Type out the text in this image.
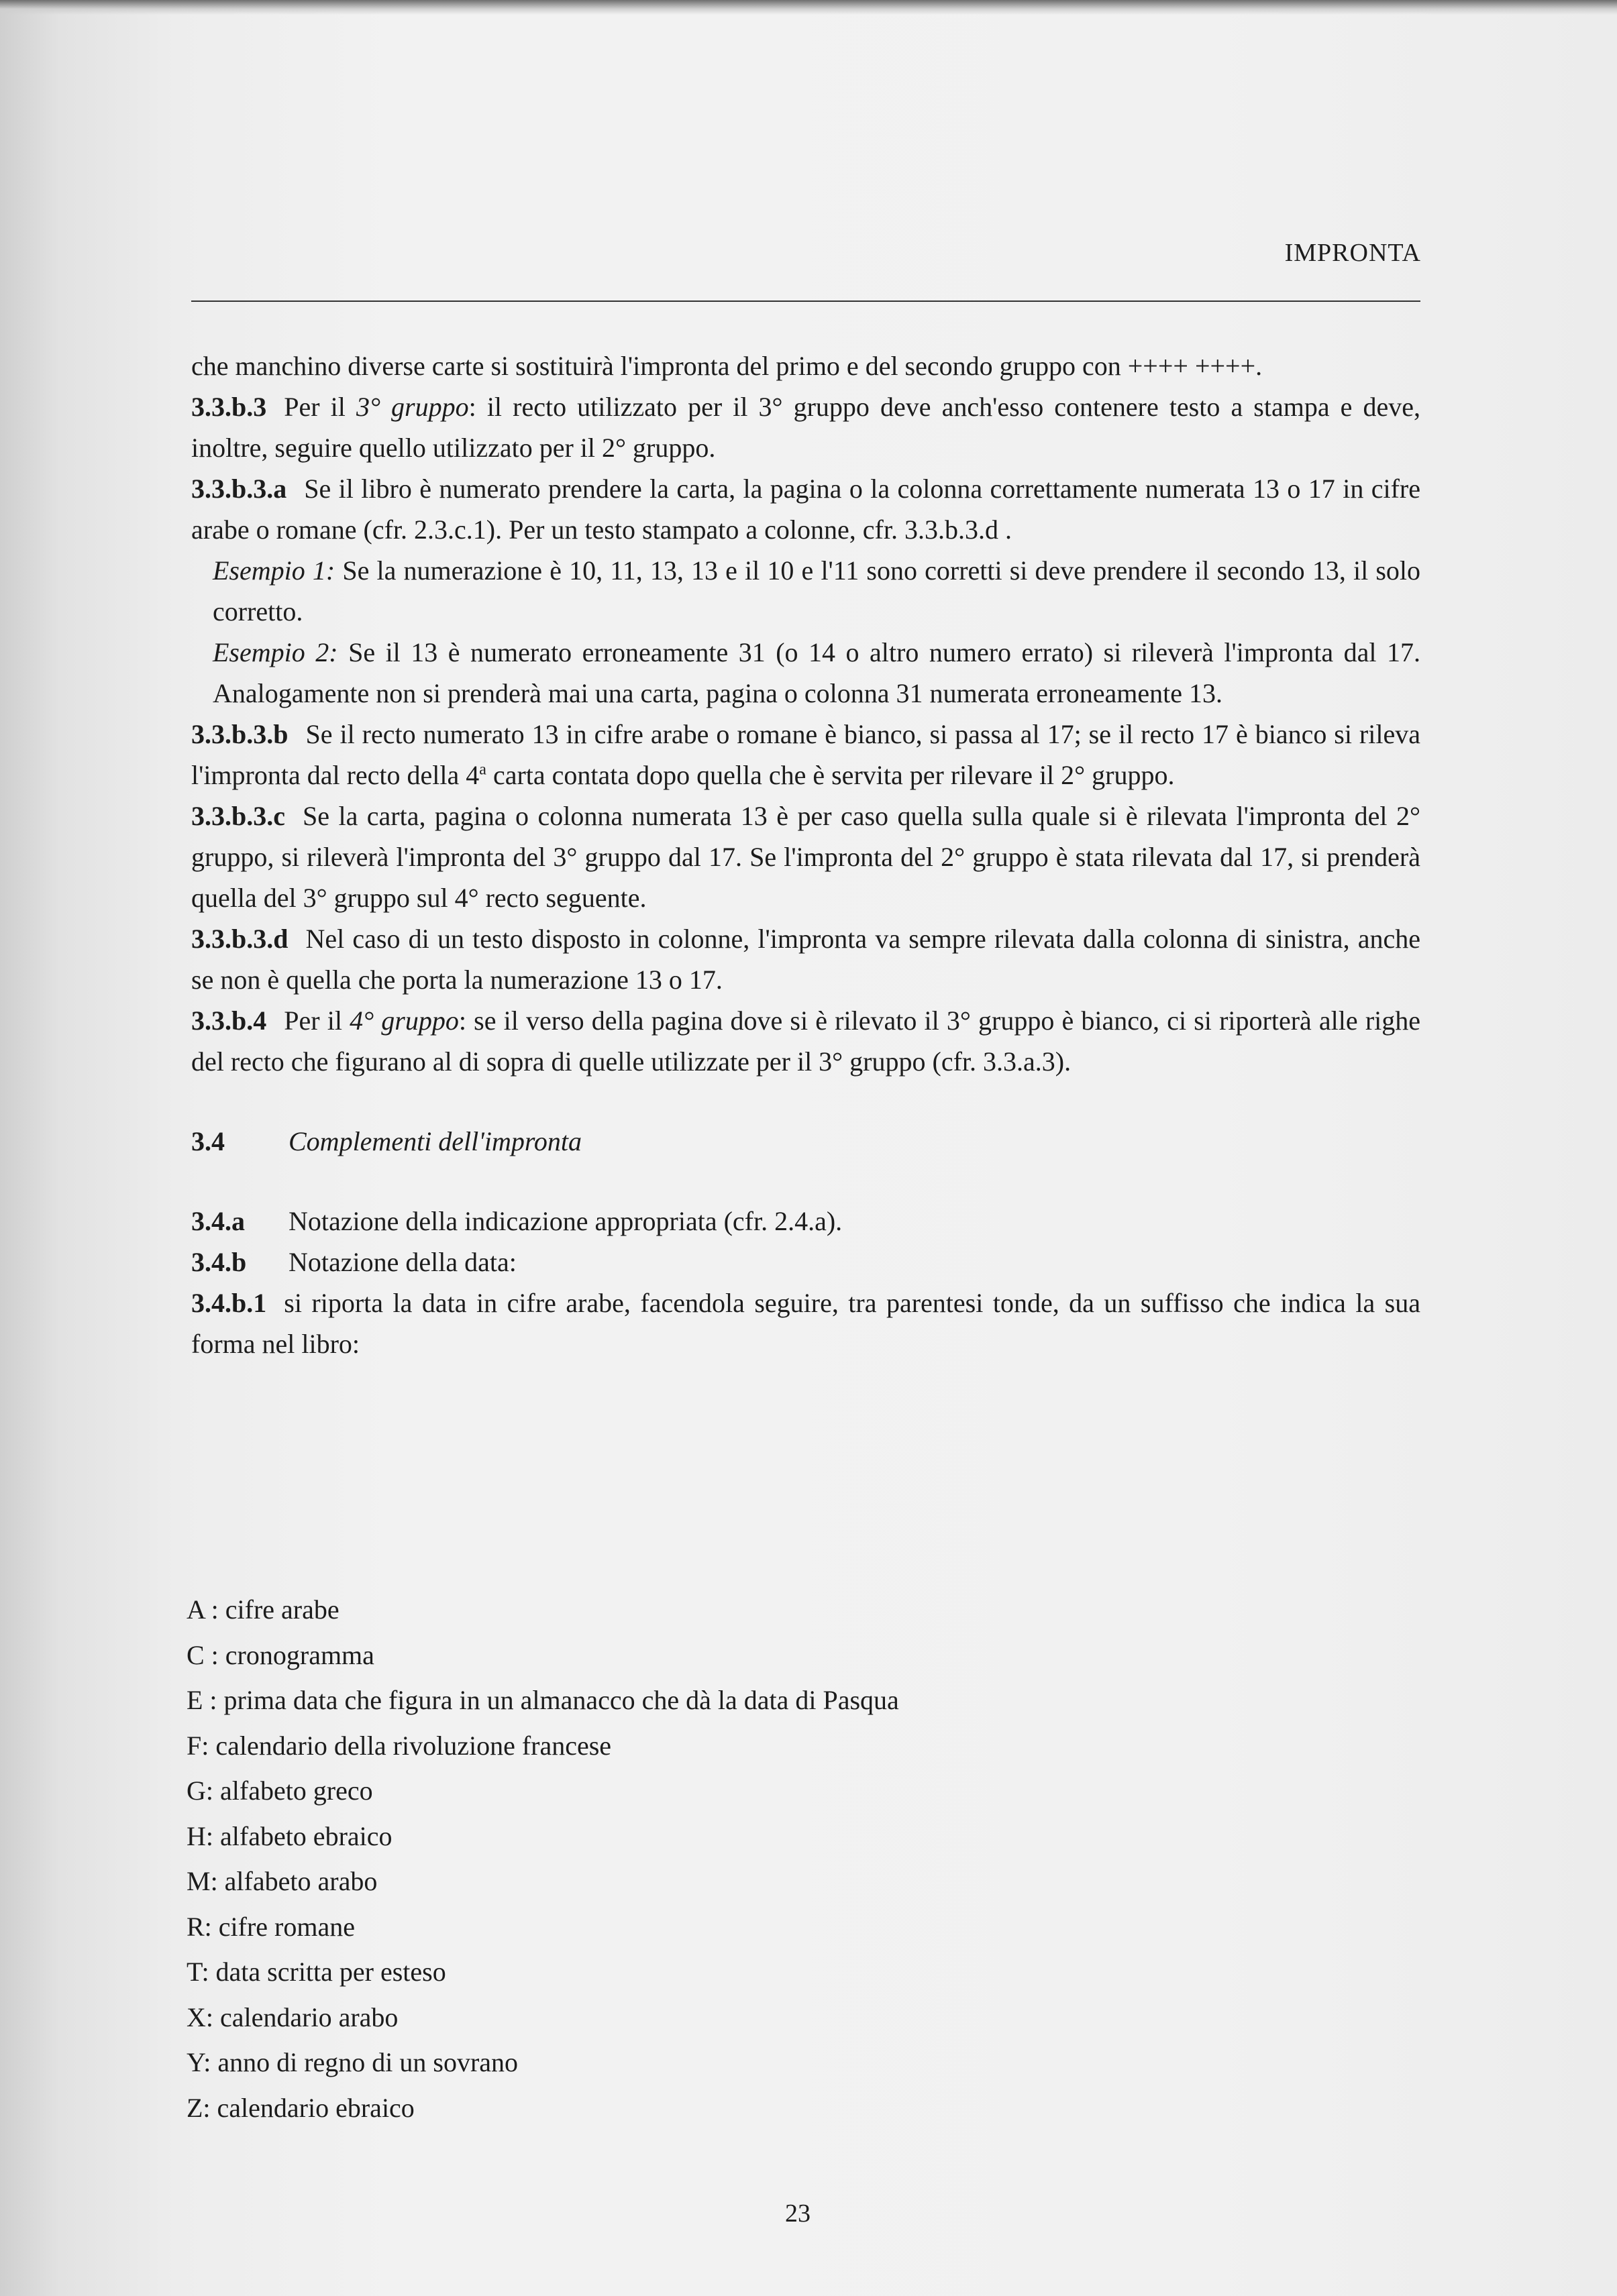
IMPRONTA

che manchino diverse carte si sostituirà l'impronta del primo e del secondo gruppo con ++++ ++++.

3.3.b.3 Per il 3° gruppo: il recto utilizzato per il 3° gruppo deve anch'esso contenere testo a stampa e deve, inoltre, seguire quello utilizzato per il 2° gruppo.

3.3.b.3.a Se il libro è numerato prendere la carta, la pagina o la colonna correttamente numerata 13 o 17 in cifre arabe o romane (cfr. 2.3.c.1). Per un testo stampato a colonne, cfr. 3.3.b.3.d .

Esempio 1: Se la numerazione è 10, 11, 13, 13 e il 10 e l'11 sono corretti si deve prendere il secondo 13, il solo corretto.

Esempio 2: Se il 13 è numerato erroneamente 31 (o 14 o altro numero errato) si rileverà l'impronta dal 17. Analogamente non si prenderà mai una carta, pagina o colonna 31 numerata erroneamente 13.

3.3.b.3.b Se il recto numerato 13 in cifre arabe o romane è bianco, si passa al 17; se il recto 17 è bianco si rileva l'impronta dal recto della 4$^a$ carta contata dopo quella che è servita per rilevare il 2° gruppo.

3.3.b.3.c Se la carta, pagina o colonna numerata 13 è per caso quella sulla quale si è rilevata l'impronta del 2° gruppo, si rileverà l'impronta del 3° gruppo dal 17. Se l'impronta del 2° gruppo è stata rilevata dal 17, si prenderà quella del 3° gruppo sul 4° recto seguente.

3.3.b.3.d Nel caso di un testo disposto in colonne, l'impronta va sempre rilevata dalla colonna di sinistra, anche se non è quella che porta la numerazione 13 o 17.

3.3.b.4 Per il 4° gruppo: se il verso della pagina dove si è rilevato il 3° gruppo è bianco, ci si riporterà alle righe del recto che figurano al di sopra di quelle utilizzate per il 3° gruppo (cfr. 3.3.a.3).

3.4	Complementi dell'impronta
3.4.a	Notazione della indicazione appropriata (cfr. 2.4.a).
3.4.b	Notazione della data:

3.4.b.1 si riporta la data in cifre arabe, facendola seguire, tra parentesi tonde, da un suffisso che indica la sua forma nel libro:

A : cifre arabe
C : cronogramma
E : prima data che figura in un almanacco che dà la data di Pasqua
F: calendario della rivoluzione francese
G: alfabeto greco
H: alfabeto ebraico
M: alfabeto arabo
R: cifre romane
T: data scritta per esteso
X: calendario arabo
Y: anno di regno di un sovrano
Z: calendario ebraico
23
